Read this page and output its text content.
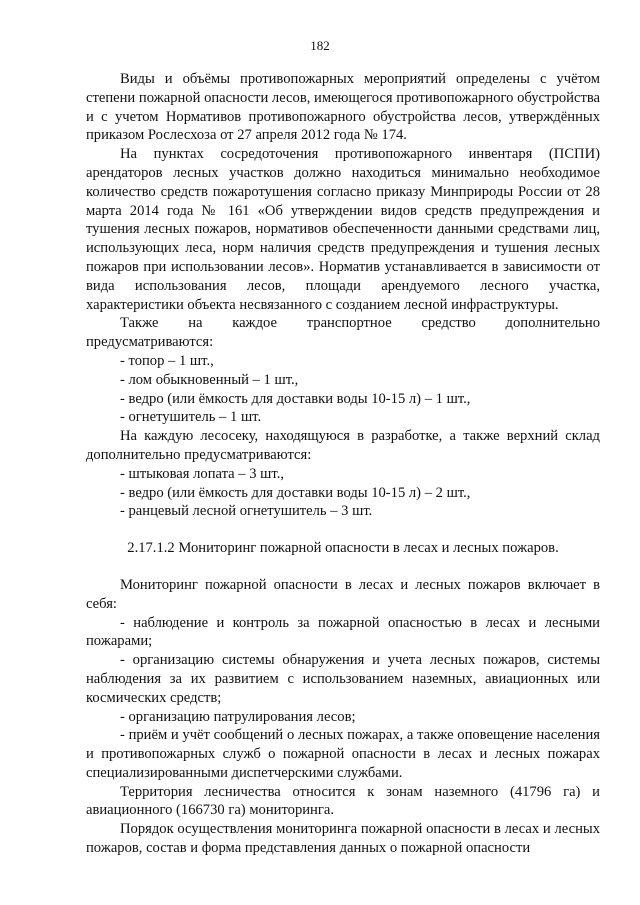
182

Виды и объёмы противопожарных мероприятий определены с учётом степени пожарной опасности лесов, имеющегося противопожарного обустройства и с учетом Нормативов противопожарного обустройства лесов, утверждённых приказом Рослесхоза от 27 апреля 2012 года № 174.

На пунктах сосредоточения противопожарного инвентаря (ПСПИ) арендаторов лесных участков должно находиться минимально необходимое количество средств пожаротушения согласно приказу Минприроды России от 28 марта 2014 года № 161 «Об утверждении видов средств предупреждения и тушения лесных пожаров, нормативов обеспеченности данными средствами лиц, использующих леса, норм наличия средств предупреждения и тушения лесных пожаров при использовании лесов». Норматив устанавливается в зависимости от вида использования лесов, площади арендуемого лесного участка, характеристики объекта несвязанного с созданием лесной инфраструктуры.

Также на каждое транспортное средство дополнительно предусматриваются:

- топор – 1 шт.,

- лом обыкновенный – 1 шт.,

- ведро (или ёмкость для доставки воды 10-15 л) – 1 шт.,

- огнетушитель – 1 шт.

На каждую лесосеку, находящуюся в разработке, а также верхний склад дополнительно предусматриваются:

- штыковая лопата – 3 шт.,

- ведро (или ёмкость для доставки воды 10-15 л) – 2 шт.,

- ранцевый лесной огнетушитель – 3 шт.

2.17.1.2 Мониторинг пожарной опасности в лесах и лесных пожаров.

Мониторинг пожарной опасности в лесах и лесных пожаров включает в себя:

- наблюдение и контроль за пожарной опасностью в лесах и лесными пожарами;

- организацию системы обнаружения и учета лесных пожаров, системы наблюдения за их развитием с использованием наземных, авиационных или космических средств;

- организацию патрулирования лесов;

- приём и учёт сообщений о лесных пожарах, а также оповещение населения и противопожарных служб о пожарной опасности в лесах и лесных пожарах специализированными диспетчерскими службами.

Территория лесничества относится к зонам наземного (41796 га) и авиационного (166730 га) мониторинга.

Порядок осуществления мониторинга пожарной опасности в лесах и лесных пожаров, состав и форма представления данных о пожарной опасности
